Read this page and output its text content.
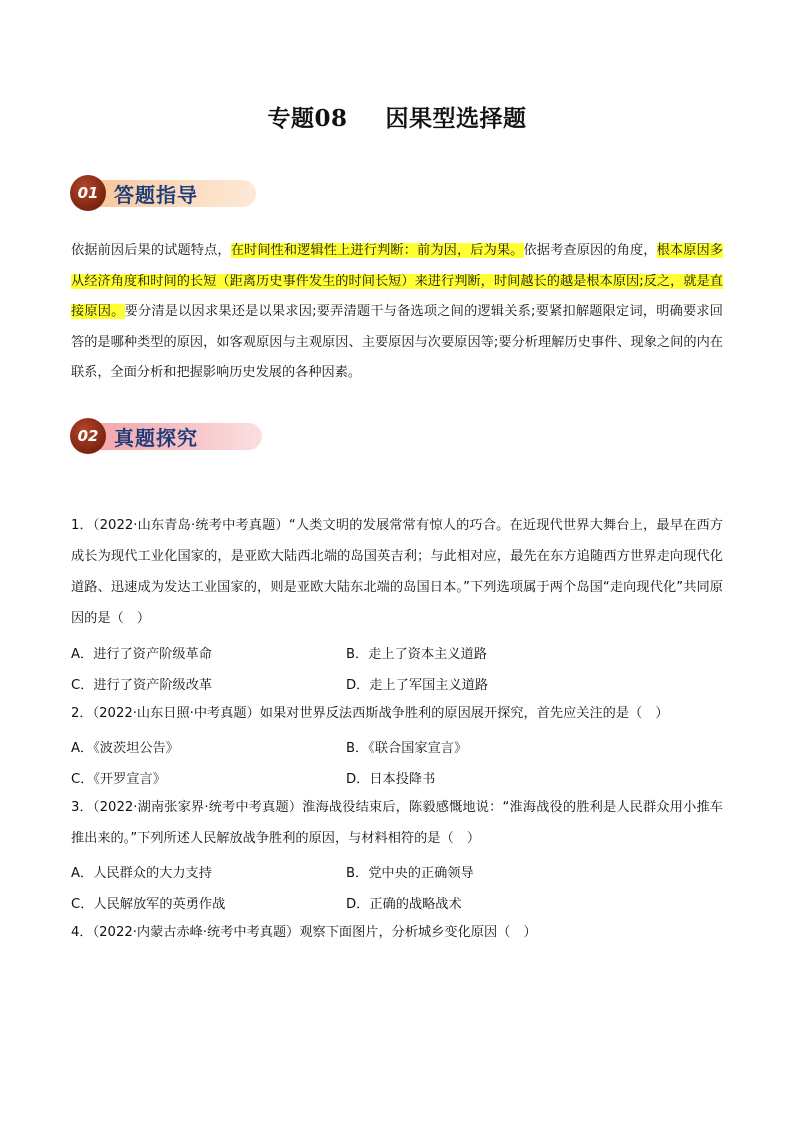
专题08 因果型选择题
01 答题指导
依据前因后果的试题特点，在时间性和逻辑性上进行判断：前为因，后为果。依据考查原因的角度，根本原因多从经济角度和时间的长短（距离历史事件发生的时间长短）来进行判断，时间越长的越是根本原因;反之，就是直接原因。要分清是以因求果还是以果求因;要弄清题干与备选项之间的逻辑关系;要紧扣解题限定词，明确要求回答的是哪种类型的原因，如客观原因与主观原因、主要原因与次要原因等;要分析理解历史事件、现象之间的内在联系，全面分析和把握影响历史发展的各种因素。
02 真题探究
1．（2022·山东青岛·统考中考真题）“人类文明的发展常常有惊人的巧合。在近现代世界大舞台上，最早在西方成长为现代工业化国家的，是亚欧大陆西北端的岛国英吉利；与此相对应，最先在东方追随西方世界走向现代化道路、迅速成为发达工业国家的，则是亚欧大陆东北端的岛国日本。”下列选项属于两个岛国“走向现代化”共同原因的是（　）
A．进行了资产阶级革命	B．走上了资本主义道路
C．进行了资产阶级改革	D．走上了军国主义道路
2．（2022·山东日照·中考真题）如果对世界反法西斯战争胜利的原因展开探究，首先应关注的是（　）
A．《波茨坦公告》	B．《联合国家宣言》
C．《开罗宣言》	D．日本投降书
3．（2022·湖南张家界·统考中考真题）淮海战役结束后，陈毅感慨地说：“淮海战役的胜利是人民群众用小推车推出来的。”下列所述人民解放战争胜利的原因，与材料相符的是（　）
A．人民群众的大力支持	B．党中央的正确领导
C．人民解放军的英勇作战	D．正确的战略战术
4．（2022·内蒙古赤峰·统考中考真题）观察下面图片，分析城乡变化原因（　）
